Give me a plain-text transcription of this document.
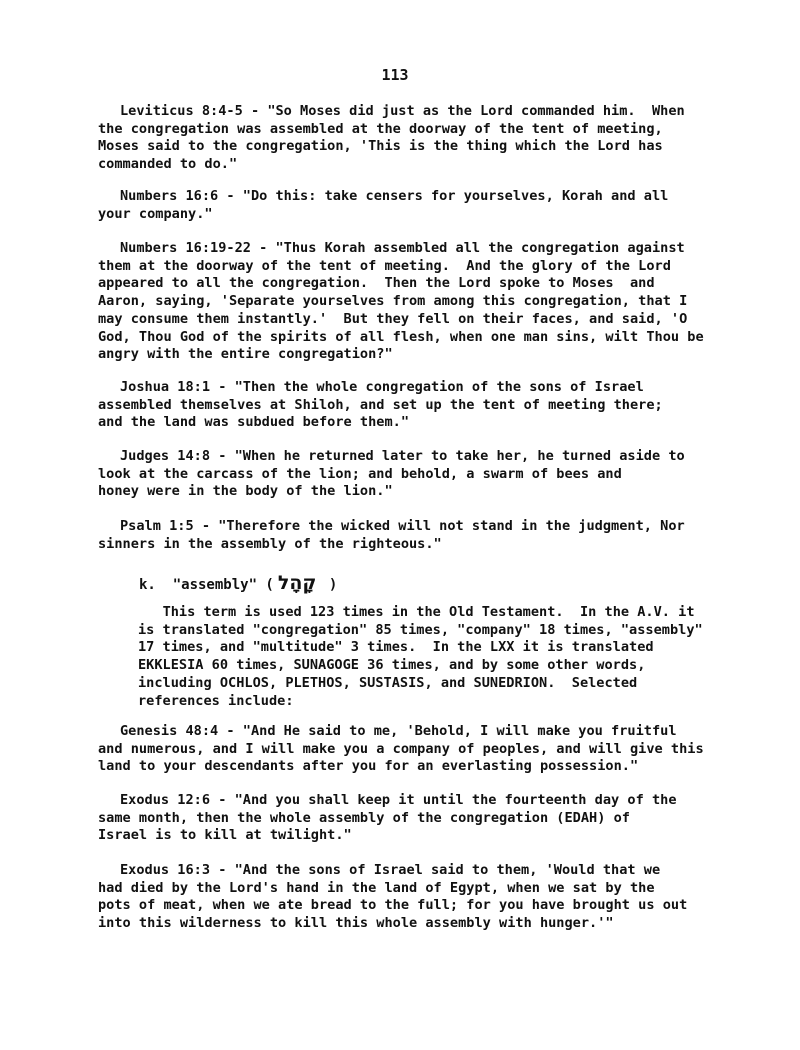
113
Leviticus 8:4-5 - "So Moses did just as the Lord commanded him.  When
the congregation was assembled at the doorway of the tent of meeting,
Moses said to the congregation, 'This is the thing which the Lord has
commanded to do."
Numbers 16:6 - "Do this: take censers for yourselves, Korah and all
your company."
Numbers 16:19-22 - "Thus Korah assembled all the congregation against
them at the doorway of the tent of meeting.  And the glory of the Lord
appeared to all the congregation.  Then the Lord spoke to Moses  and
Aaron, saying, 'Separate yourselves from among this congregation, that I
may consume them instantly.'  But they fell on their faces, and said, 'O
God, Thou God of the spirits of all flesh, when one man sins, wilt Thou be
angry with the entire congregation?"
Joshua 18:1 - "Then the whole congregation of the sons of Israel
assembled themselves at Shiloh, and set up the tent of meeting there;
and the land was subdued before them."
Judges 14:8 - "When he returned later to take her, he turned aside to
look at the carcass of the lion; and behold, a swarm of bees and
honey were in the body of the lion."
Psalm 1:5 - "Therefore the wicked will not stand in the judgment, Nor
sinners in the assembly of the righteous."
k.  "assembly" ( קָהָל )
This term is used 123 times in the Old Testament.  In the A.V. it
is translated "congregation" 85 times, "company" 18 times, "assembly"
17 times, and "multitude" 3 times.  In the LXX it is translated
EKKLESIA 60 times, SUNAGOGE 36 times, and by some other words,
including OCHLOS, PLETHOS, SUSTASIS, and SUNEDRION.  Selected
references include:
Genesis 48:4 - "And He said to me, 'Behold, I will make you fruitful
and numerous, and I will make you a company of peoples, and will give this
land to your descendants after you for an everlasting possession."
Exodus 12:6 - "And you shall keep it until the fourteenth day of the
same month, then the whole assembly of the congregation (EDAH) of
Israel is to kill at twilight."
Exodus 16:3 - "And the sons of Israel said to them, 'Would that we
had died by the Lord's hand in the land of Egypt, when we sat by the
pots of meat, when we ate bread to the full; for you have brought us out
into this wilderness to kill this whole assembly with hunger.'"
